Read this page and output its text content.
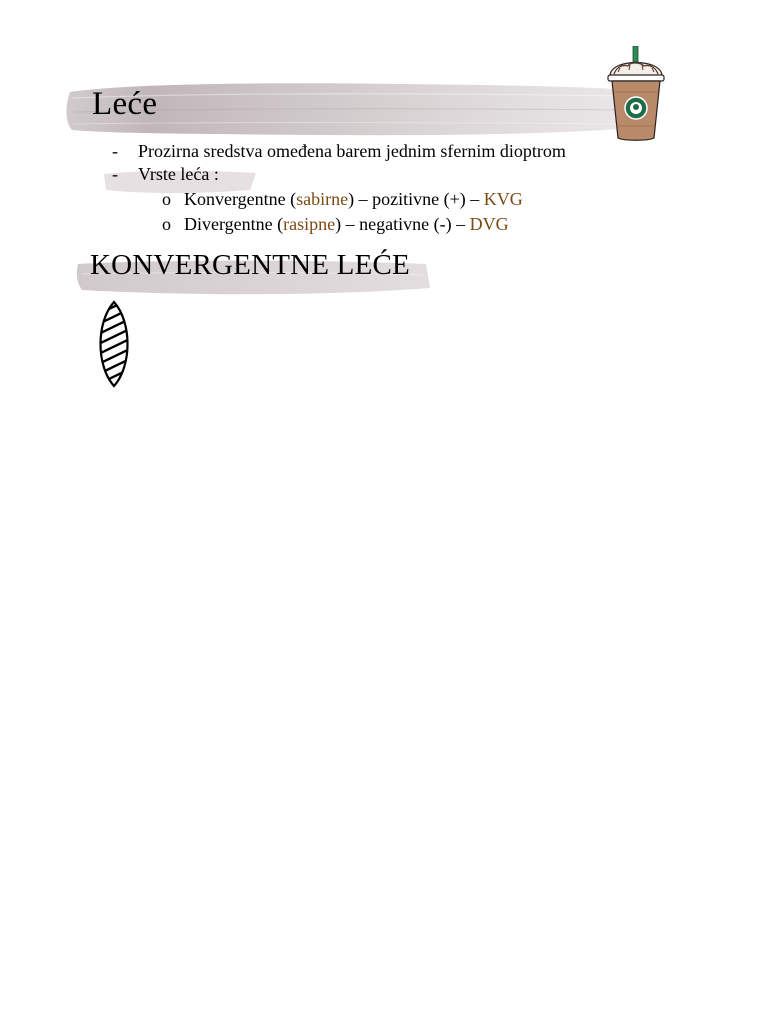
Leće
- Prozirna sredstva omeđena barem jednim sfernim dioptrom
- Vrste leća :
o Konvergentne (sabirne) – pozitivne (+) – KVG
o Divergentne (rasipne) – negativne (-) – DVG
KONVERGENTNE LEĆE
